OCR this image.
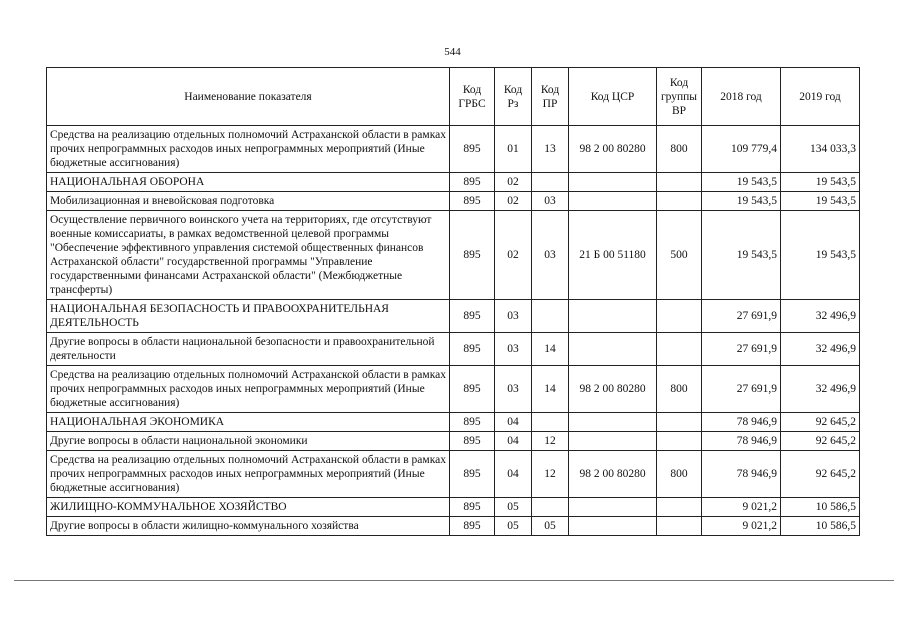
544
Наименование показателя	Код ГРБС	Код Рз	Код ПР	Код ЦСР	Код группы ВР	2018 год	2019 год
Средства на реализацию отдельных полномочий Астраханской области в рамках прочих непрограммных расходов иных непрограммных мероприятий (Иные бюджетные ассигнования)	895	01	13	98 2 00 80280	800	109 779,4	134 033,3
НАЦИОНАЛЬНАЯ ОБОРОНА	895	02				19 543,5	19 543,5
Мобилизационная и вневойсковая подготовка	895	02	03			19 543,5	19 543,5
Осуществление первичного воинского учета на территориях, где отсутствуют военные комиссариаты, в рамках ведомственной целевой программы "Обеспечение эффективного управления системой общественных финансов Астраханской области" государственной программы "Управление государственными финансами Астраханской области" (Межбюджетные трансферты)	895	02	03	21 Б 00 51180	500	19 543,5	19 543,5
НАЦИОНАЛЬНАЯ БЕЗОПАСНОСТЬ И ПРАВООХРАНИТЕЛЬНАЯ ДЕЯТЕЛЬНОСТЬ	895	03				27 691,9	32 496,9
Другие вопросы в области национальной безопасности и правоохранительной деятельности	895	03	14			27 691,9	32 496,9
Средства на реализацию отдельных полномочий Астраханской области в рамках прочих непрограммных расходов иных непрограммных мероприятий (Иные бюджетные ассигнования)	895	03	14	98 2 00 80280	800	27 691,9	32 496,9
НАЦИОНАЛЬНАЯ ЭКОНОМИКА	895	04				78 946,9	92 645,2
Другие вопросы в области национальной экономики	895	04	12			78 946,9	92 645,2
Средства на реализацию отдельных полномочий Астраханской области в рамках прочих непрограммных расходов иных непрограммных мероприятий (Иные бюджетные ассигнования)	895	04	12	98 2 00 80280	800	78 946,9	92 645,2
ЖИЛИЩНО-КОММУНАЛЬНОЕ ХОЗЯЙСТВО	895	05				9 021,2	10 586,5
Другие вопросы в области жилищно-коммунального хозяйства	895	05	05			9 021,2	10 586,5
